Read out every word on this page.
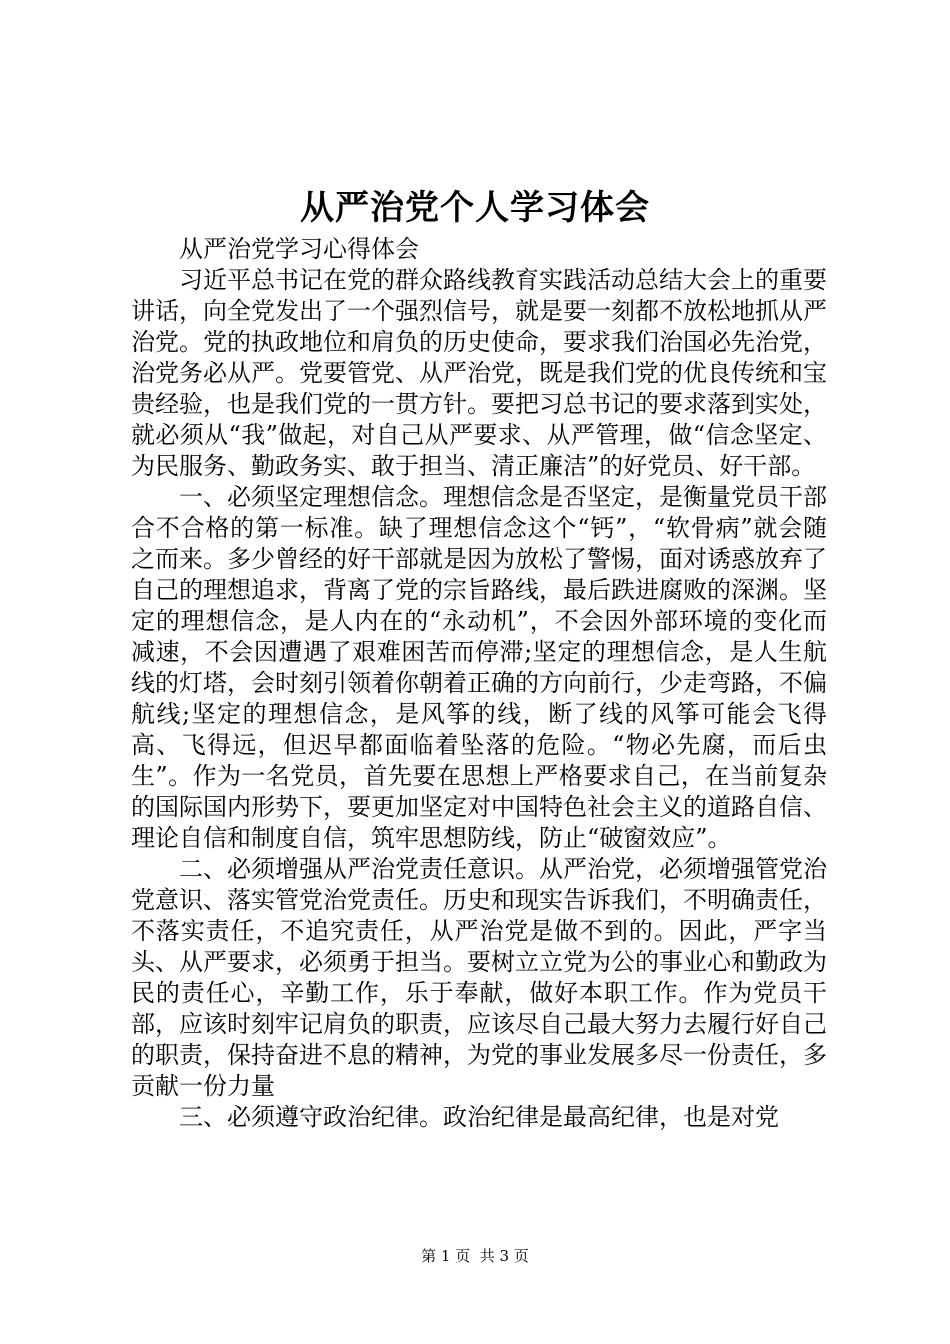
从严治党个人学习体会

从严治党学习心得体会

习近平总书记在党的群众路线教育实践活动总结大会上的重要讲话，向全党发出了一个强烈信号，就是要一刻都不放松地抓从严治党。党的执政地位和肩负的历史使命，要求我们治国必先治党，治党务必从严。党要管党、从严治党，既是我们党的优良传统和宝贵经验，也是我们党的一贯方针。要把习总书记的要求落到实处，就必须从“我”做起，对自己从严要求、从严管理，做“信念坚定、为民服务、勤政务实、敢于担当、清正廉洁”的好党员、好干部。

一、必须坚定理想信念。理想信念是否坚定，是衡量党员干部合不合格的第一标准。缺了理想信念这个“钙”，“软骨病”就会随之而来。多少曾经的好干部就是因为放松了警惕，面对诱惑放弃了自己的理想追求，背离了党的宗旨路线，最后跌进腐败的深渊。坚定的理想信念，是人内在的“永动机”，不会因外部环境的变化而减速，不会因遭遇了艰难困苦而停滞;坚定的理想信念，是人生航线的灯塔，会时刻引领着你朝着正确的方向前行，少走弯路，不偏航线;坚定的理想信念，是风筝的线，断了线的风筝可能会飞得高、飞得远，但迟早都面临着坠落的危险。“物必先腐，而后虫生”。作为一名党员，首先要在思想上严格要求自己，在当前复杂的国际国内形势下，要更加坚定对中国特色社会主义的道路自信、理论自信和制度自信，筑牢思想防线，防止“破窗效应”。

二、必须增强从严治党责任意识。从严治党，必须增强管党治党意识、落实管党治党责任。历史和现实告诉我们，不明确责任，不落实责任，不追究责任，从严治党是做不到的。因此，严字当头、从严要求，必须勇于担当。要树立立党为公的事业心和勤政为民的责任心，辛勤工作，乐于奉献，做好本职工作。作为党员干部，应该时刻牢记肩负的职责，应该尽自己最大努力去履行好自己的职责，保持奋进不息的精神，为党的事业发展多尽一份责任，多贡献一份力量

三、必须遵守政治纪律。政治纪律是最高纪律，也是对党

第 1 页  共 3 页
